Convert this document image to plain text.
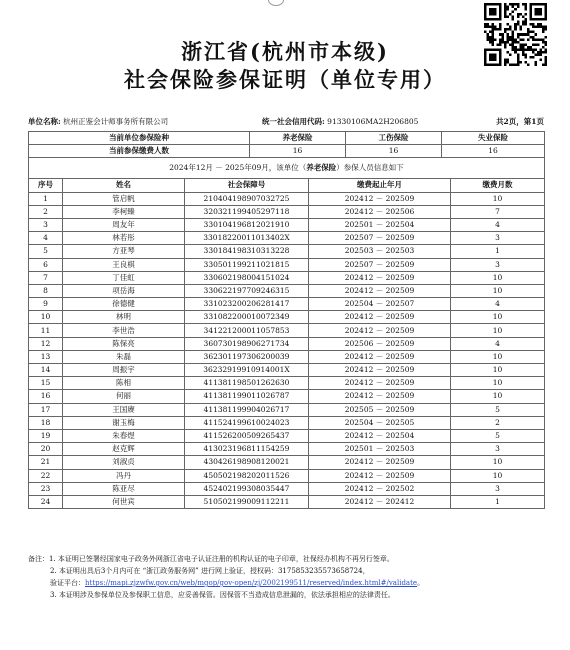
浙江省(杭州市本级)
社会保险参保证明（单位专用）
单位名称: 杭州正鉴会计师事务所有限公司	统一社会信用代码: 91330106MA2H206805	共2页，第1页
当前单位参保险种	养老保险	工伤保险	失业保险
当前参保缴费人数	16	16	16
2024年12月 － 2025年09月，该单位（养老保险）参保人员信息如下			
序号	姓名	社会保障号	缴费起止年月	缴费月数
1	管启帆	210404198907032725	202412 － 202509	10
2	李柯臻	320321199405297118	202412 － 202506	7
3	周友年	330104196812021910	202501 － 202504	4
4	林若彤	33018220011013402X	202507 － 202509	3
5	方亚琴	330184198310313228	202503 － 202503	1
6	王良棋	330501199211021815	202507 － 202509	3
7	丁佳虹	330602198004151024	202412 － 202509	10
8	项岳海	330622197709246315	202412 － 202509	10
9	徐德健	331023200206281417	202504 － 202507	4
10	林明	331082200010072349	202412 － 202509	10
11	李世浩	341221200011057853	202412 － 202509	10
12	陈保亮	360730198906271734	202506 － 202509	4
13	朱磊	362301197306200039	202412 － 202509	10
14	周振宇	36232919910914001X	202412 － 202509	10
15	陈相	411381198501262630	202412 － 202509	10
16	何丽	411381199011026787	202412 － 202509	10
17	王国赓	411381199904026717	202505 － 202509	5
18	谢玉梅	411524199610024023	202504 － 202505	2
19	朱春煜	411526200509265437	202412 － 202504	5
20	赵克辉	413023196811154259	202501 － 202503	3
21	刘淑贞	430426198908120021	202412 － 202509	10
22	冯丹	450502198202011526	202412 － 202509	10
23	陈亚尽	452402199308035447	202412 － 202502	3
24	何世宾	510502199009112211	202412 － 202412	1
备注：1. 本证明已签署经国家电子政务外网浙江省电子认证注册的机构认证的电子印章，社保经办机构不再另行签章。
2. 本证明出具后3个月内可在 “浙江政务服务网” 进行网上验证，授权码：3175853235573658724，
验证平台：https://mapi.zjzwfw.gov.cn/web/mgop/gov-open/zj/2002199511/reserved/index.html#/validate。
3. 本证明涉及参保单位及参保职工信息，应妥善保管。因保管不当造成信息泄漏的，依法承担相应的法律责任。
